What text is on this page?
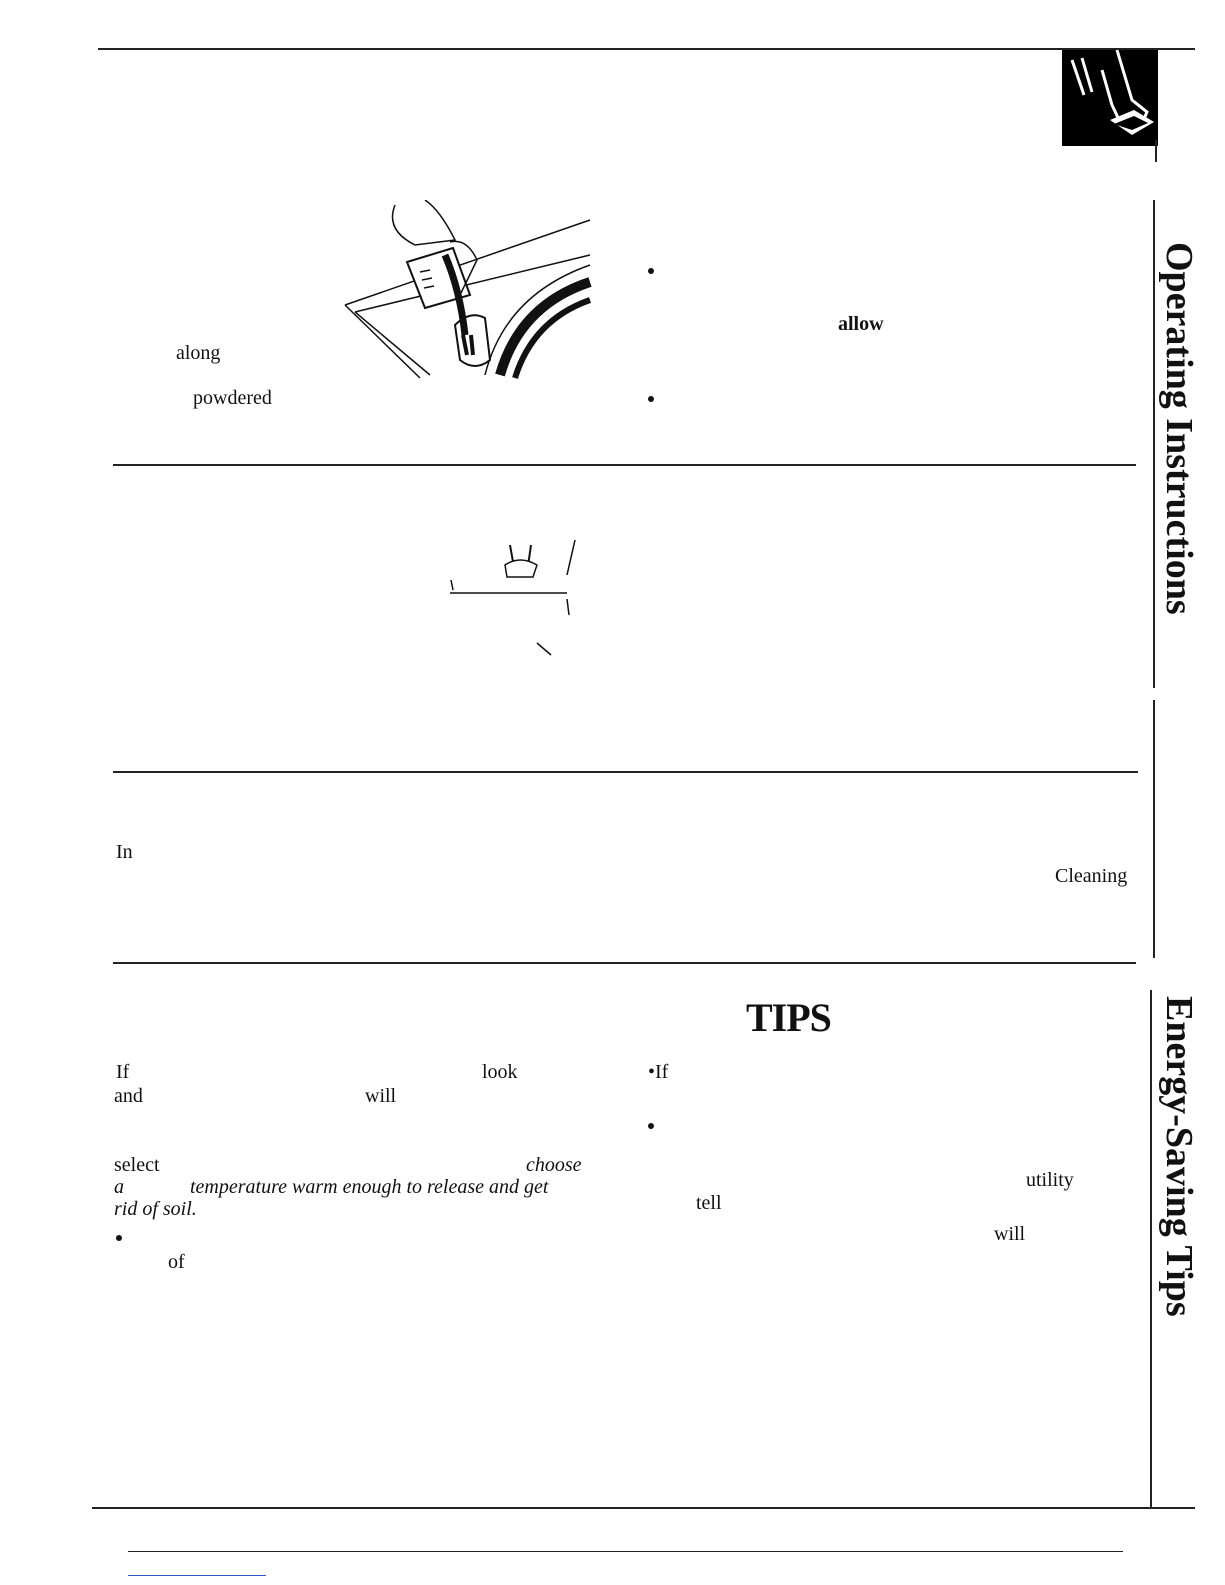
Operating Instructions
Energy-Saving Tips
along
powdered
allow
In
Cleaning
TIPS
If	look
and	will
select	choose
a	temperature warm enough to release and get
rid of soil.
of
•If
utility
tell
will
